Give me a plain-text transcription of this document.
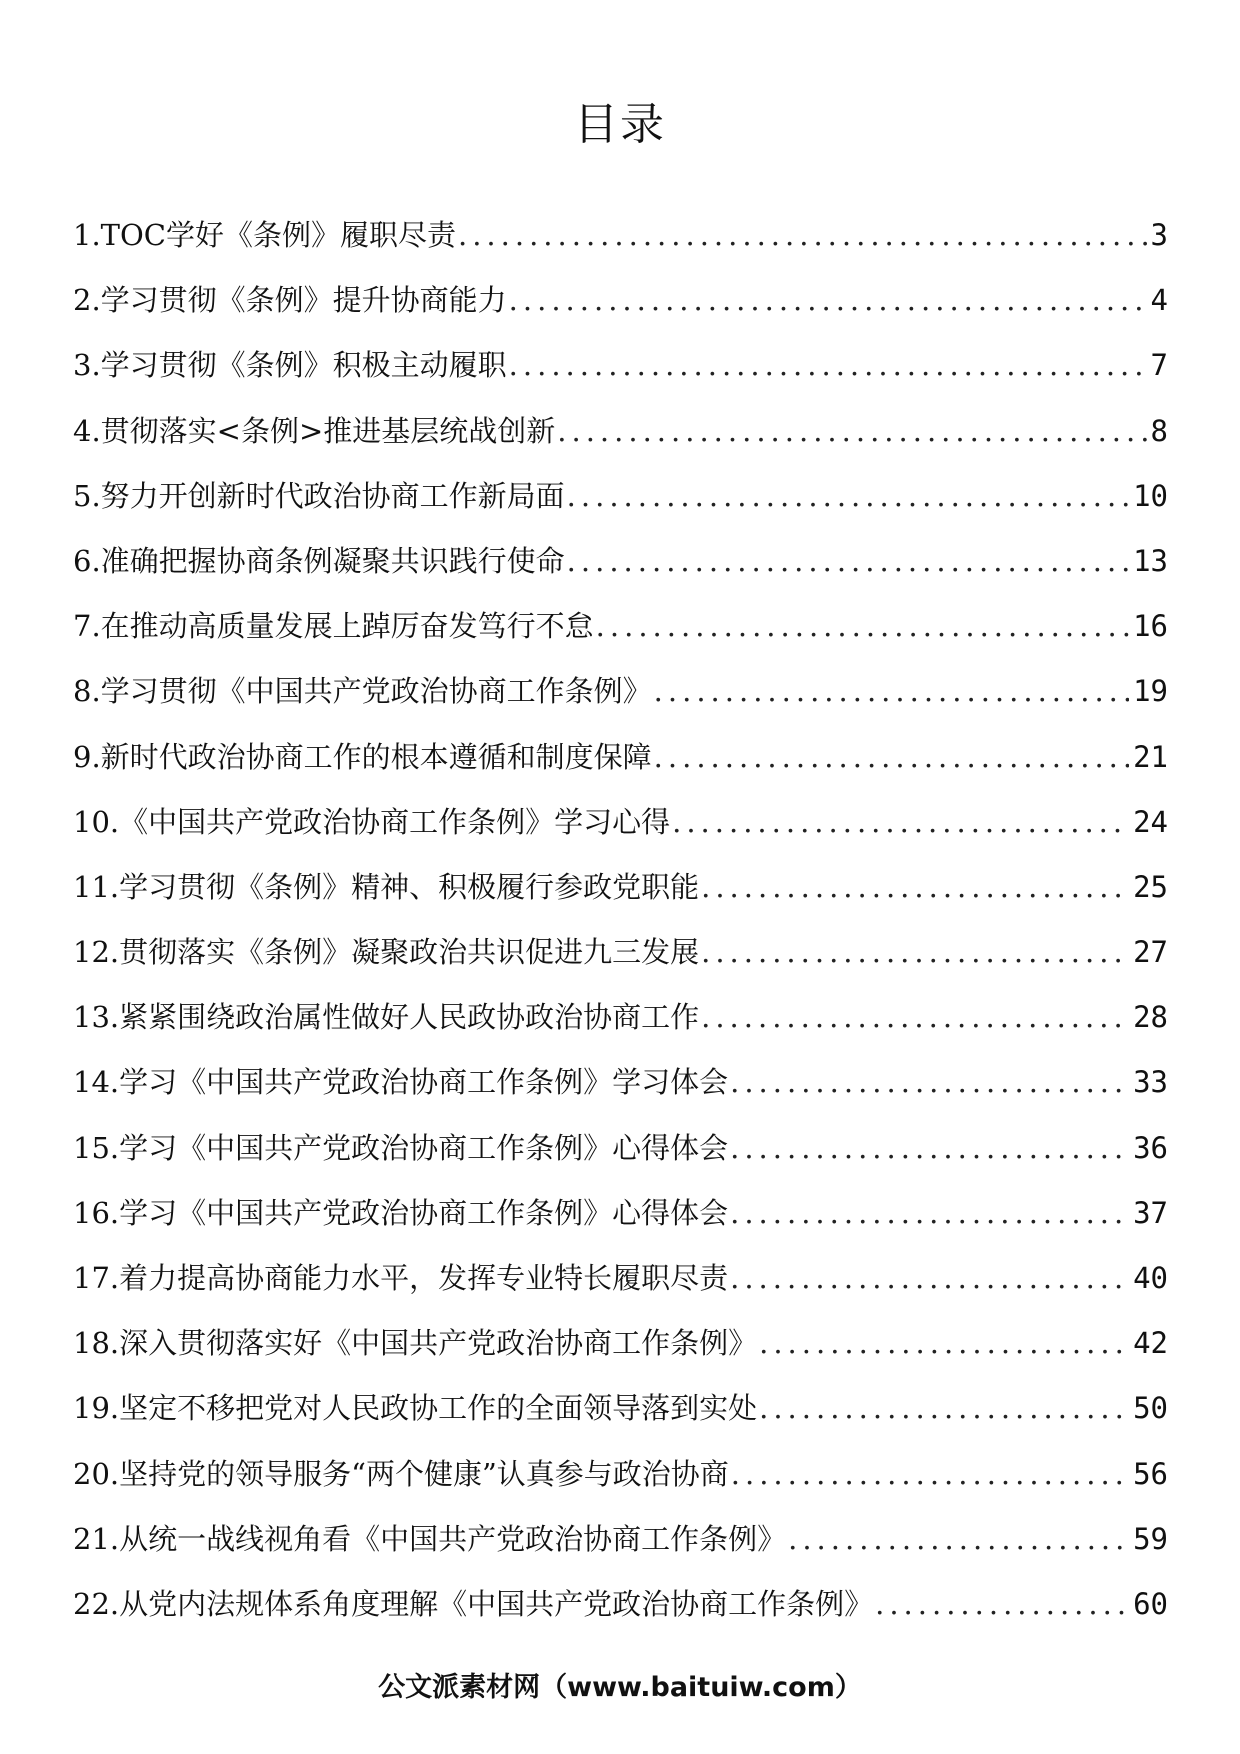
目录
1.TOC学好《条例》履职尽责 .....	3
2.学习贯彻《条例》提升协商能力 .....	4
3.学习贯彻《条例》积极主动履职 .....	7
4.贯彻落实<条例>推进基层统战创新 .....	8
5.努力开创新时代政治协商工作新局面 .....	10
6.准确把握协商条例凝聚共识践行使命 .....	13
7.在推动高质量发展上踔厉奋发笃行不怠 .....	16
8.学习贯彻《中国共产党政治协商工作条例》 .....	19
9.新时代政治协商工作的根本遵循和制度保障 .....	21
10.《中国共产党政治协商工作条例》学习心得 .....	24
11.学习贯彻《条例》精神、积极履行参政党职能 .....	25
12.贯彻落实《条例》凝聚政治共识促进九三发展 .....	27
13.紧紧围绕政治属性做好人民政协政治协商工作 .....	28
14.学习《中国共产党政治协商工作条例》学习体会 .....	33
15.学习《中国共产党政治协商工作条例》心得体会 .....	36
16.学习《中国共产党政治协商工作条例》心得体会 .....	37
17.着力提高协商能力水平，发挥专业特长履职尽责 .....	40
18.深入贯彻落实好《中国共产党政治协商工作条例》 .....	42
19.坚定不移把党对人民政协工作的全面领导落到实处 .....	50
20.坚持党的领导服务“两个健康”认真参与政治协商 .....	56
21.从统一战线视角看《中国共产党政治协商工作条例》 .....	59
22.从党内法规体系角度理解《中国共产党政治协商工作条例》 .....	60
公文派素材网（www.baituiw.com）
